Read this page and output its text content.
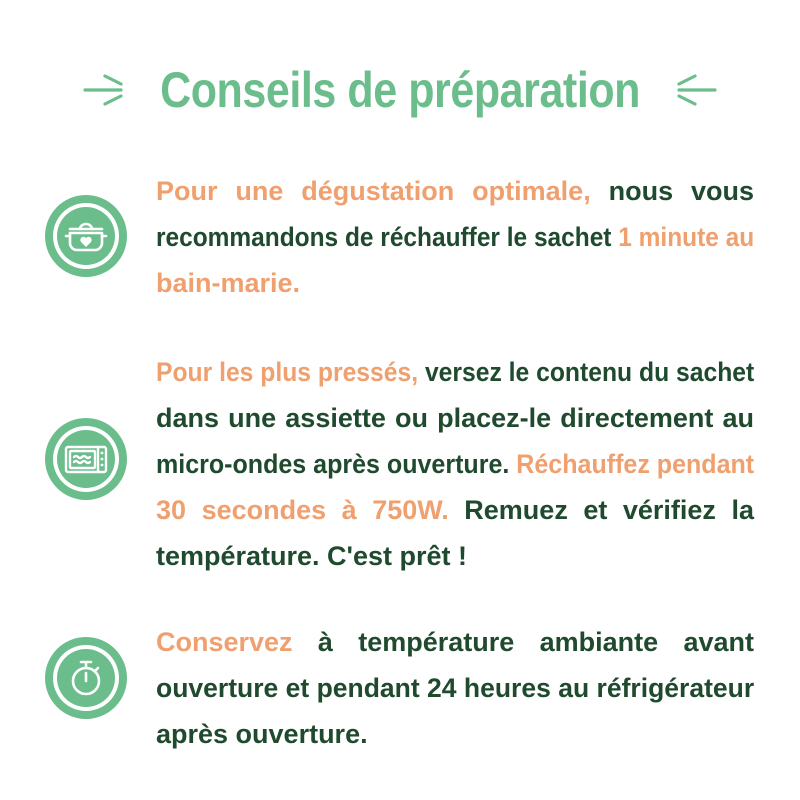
Conseils de préparation
Pour une dégustation optimale, nous vous
recommandons de réchauffer le sachet 1 minute au
bain-marie.
Pour les plus pressés, versez le contenu du sachet
dans une assiette ou placez-le directement au
micro-ondes après ouverture. Réchauffez pendant
30 secondes à 750W. Remuez et vérifiez la
température. C'est prêt !
Conservez à température ambiante avant
ouverture et pendant 24 heures au réfrigérateur
après ouverture.
